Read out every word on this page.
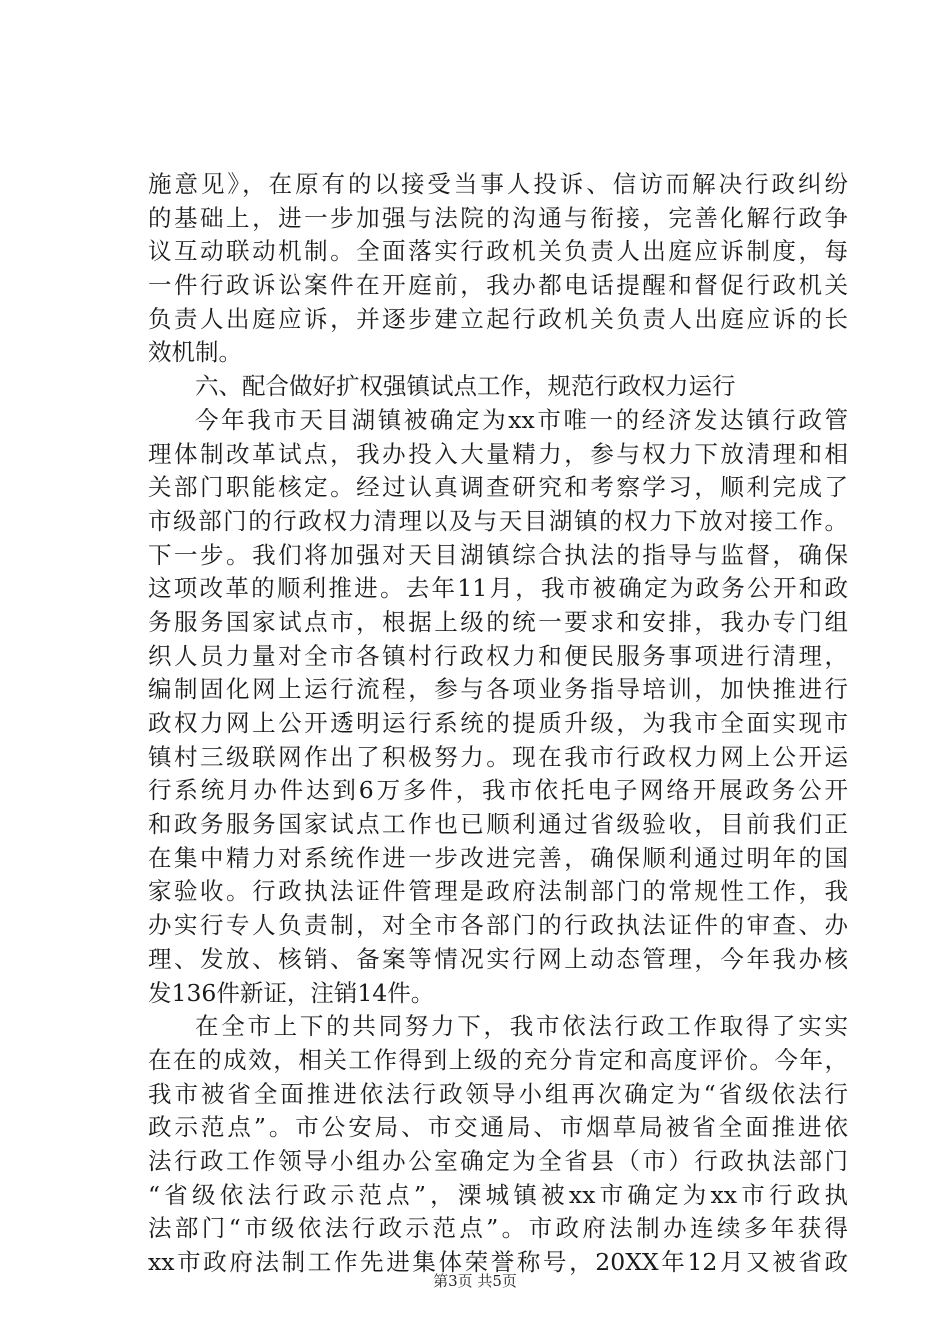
施意见》，在原有的以接受当事人投诉、信访而解决行政纠纷
的基础上，进一步加强与法院的沟通与衔接，完善化解行政争
议互动联动机制。全面落实行政机关负责人出庭应诉制度，每
一件行政诉讼案件在开庭前，我办都电话提醒和督促行政机关
负责人出庭应诉，并逐步建立起行政机关负责人出庭应诉的长
效机制。
六、配合做好扩权强镇试点工作，规范行政权力运行
今年我市天目湖镇被确定为xx市唯一的经济发达镇行政管
理体制改革试点，我办投入大量精力，参与权力下放清理和相
关部门职能核定。经过认真调查研究和考察学习，顺利完成了
市级部门的行政权力清理以及与天目湖镇的权力下放对接工作。
下一步。我们将加强对天目湖镇综合执法的指导与监督，确保
这项改革的顺利推进。去年11月，我市被确定为政务公开和政
务服务国家试点市，根据上级的统一要求和安排，我办专门组
织人员力量对全市各镇村行政权力和便民服务事项进行清理，
编制固化网上运行流程，参与各项业务指导培训，加快推进行
政权力网上公开透明运行系统的提质升级，为我市全面实现市
镇村三级联网作出了积极努力。现在我市行政权力网上公开运
行系统月办件达到6万多件，我市依托电子网络开展政务公开
和政务服务国家试点工作也已顺利通过省级验收，目前我们正
在集中精力对系统作进一步改进完善，确保顺利通过明年的国
家验收。行政执法证件管理是政府法制部门的常规性工作，我
办实行专人负责制，对全市各部门的行政执法证件的审查、办
理、发放、核销、备案等情况实行网上动态管理，今年我办核
发136件新证，注销14件。
在全市上下的共同努力下，我市依法行政工作取得了实实
在在的成效，相关工作得到上级的充分肯定和高度评价。今年，
我市被省全面推进依法行政领导小组再次确定为“省级依法行
政示范点”。市公安局、市交通局、市烟草局被省全面推进依
法行政工作领导小组办公室确定为全省县（市）行政执法部门
“省级依法行政示范点”，溧城镇被xx市确定为xx市行政执
法部门“市级依法行政示范点”。市政府法制办连续多年获得
xx市政府法制工作先进集体荣誉称号，20XX年12月又被省政
第3页 共5页
